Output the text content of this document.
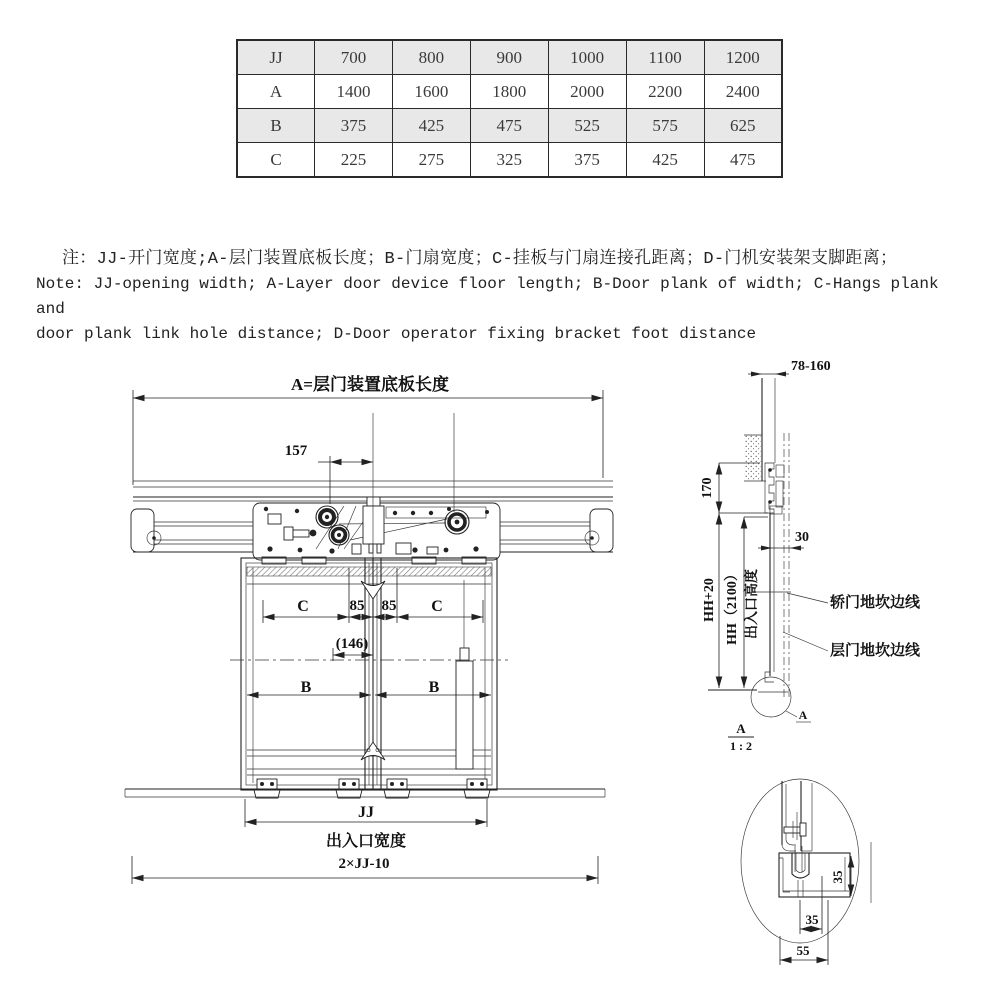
JJ	700	800	900	1000	1100	1200
A	1400	1600	1800	2000	2200	2400
B	375	425	475	525	575	625
C	225	275	325	375	425	475
注：JJ-开门宽度;A-层门装置底板长度；B-门扇宽度；C-挂板与门扇连接孔距离；D-门机安装架支脚距离；
Note: JJ-opening width; A-Layer door device floor length; B-Door plank of width; C-Hangs plank and
door plank link hole distance; D-Door operator fixing bracket foot distance
A=层门装置底板长度
157
C	85 85 C
(146)
B	B
JJ
出入口宽度
2×JJ-10
78-160
170
30
HH+20 HH（2100） 出入口高度	轿门地坎边线
层门地坎边线
A
A
1 : 2
35
35
55
